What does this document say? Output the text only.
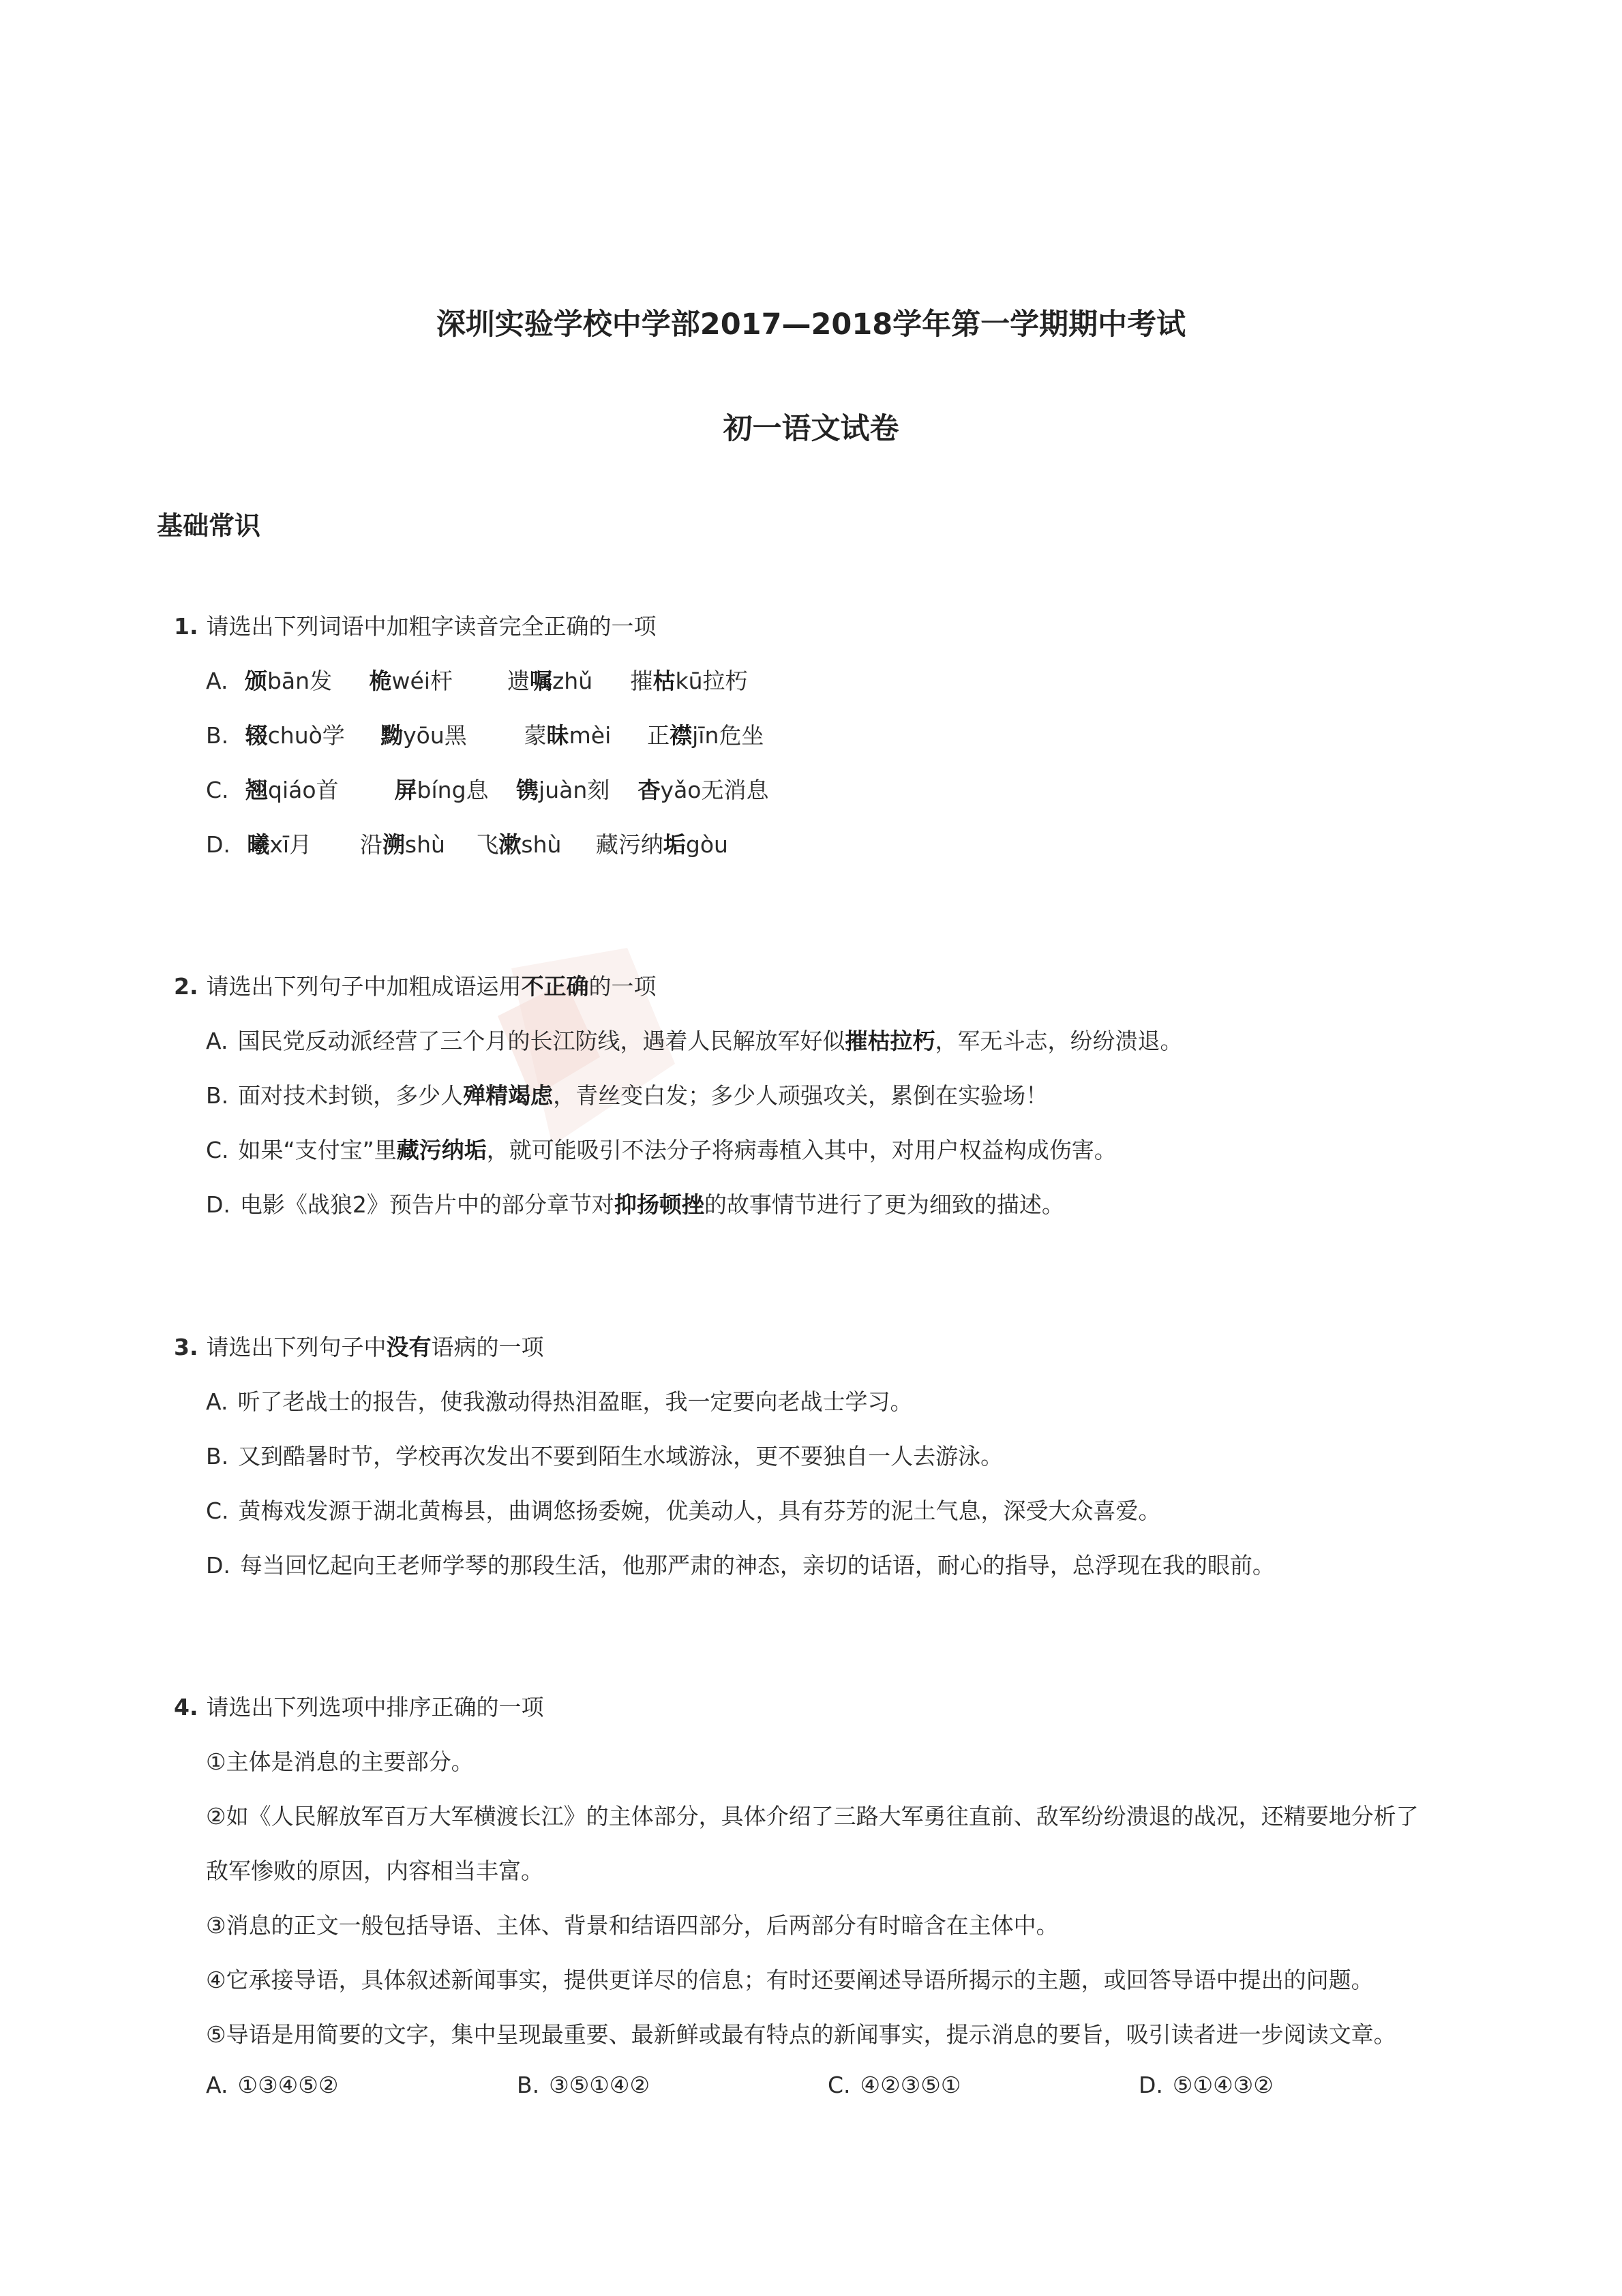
深圳实验学校中学部2017—2018学年第一学期期中考试
初一语文试卷
基础常识
1. 请选出下列词语中加粗字读音完全正确的一项
A. 颁bān发 桅wéi杆 遗嘱zhǔ 摧枯kū拉朽
B. 辍chuò学 黝yōu黑	蒙昧mèi 正襟jīn危坐
C. 翘qiáo首 屏bíng息 镌juàn刻 杳yǎo无消息
D. 曦xī月 沿溯shù 飞漱shù 藏污纳垢gòu
2. 请选出下列句子中加粗成语运用不正确的一项
A. 国民党反动派经营了三个月的长江防线，遇着人民解放军好似摧枯拉朽，军无斗志，纷纷溃退。
B. 面对技术封锁，多少人殚精竭虑，青丝变白发；多少人顽强攻关，累倒在实验场！
C. 如果“支付宝”里藏污纳垢，就可能吸引不法分子将病毒植入其中，对用户权益构成伤害。
D. 电影《战狼2》预告片中的部分章节对抑扬顿挫的故事情节进行了更为细致的描述。
3. 请选出下列句子中没有语病的一项
A. 听了老战士的报告，使我激动得热泪盈眶，我一定要向老战士学习。
B. 又到酷暑时节，学校再次发出不要到陌生水域游泳，更不要独自一人去游泳。
C. 黄梅戏发源于湖北黄梅县，曲调悠扬委婉，优美动人，具有芬芳的泥土气息，深受大众喜爱。
D. 每当回忆起向王老师学琴的那段生活，他那严肃的神态，亲切的话语，耐心的指导，总浮现在我的眼前。
4. 请选出下列选项中排序正确的一项
①主体是消息的主要部分。
②如《人民解放军百万大军横渡长江》的主体部分，具体介绍了三路大军勇往直前、敌军纷纷溃退的战况，还精要地分析了
敌军惨败的原因，内容相当丰富。
③消息的正文一般包括导语、主体、背景和结语四部分，后两部分有时暗含在主体中。
④它承接导语，具体叙述新闻事实，提供更详尽的信息；有时还要阐述导语所揭示的主题，或回答导语中提出的问题。
⑤导语是用简要的文字，集中呈现最重要、最新鲜或最有特点的新闻事实，提示消息的要旨，吸引读者进一步阅读文章。
A. ①③④⑤②	B. ③⑤①④②	C. ④②③⑤①	D. ⑤①④③②
